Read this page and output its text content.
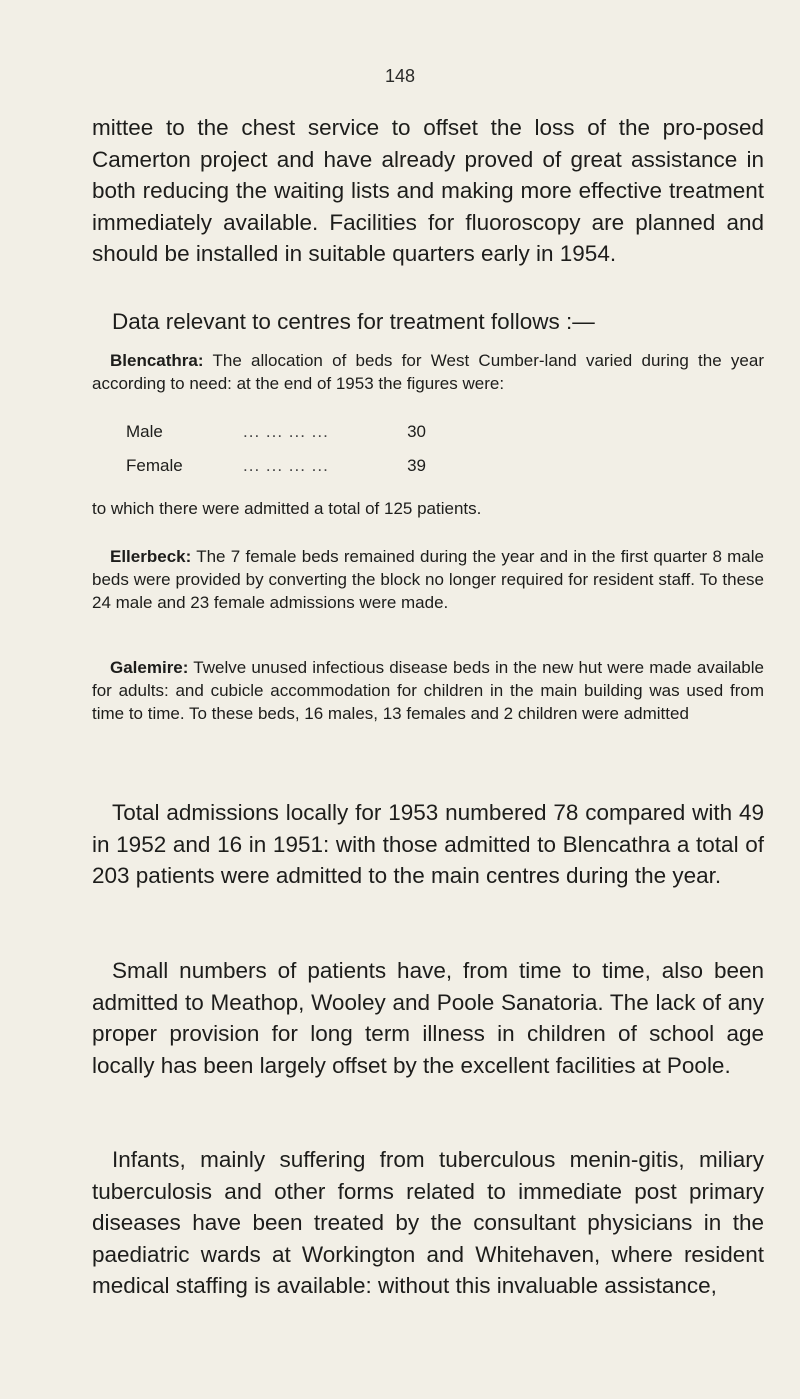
148

mittee to the chest service to offset the loss of the pro-posed Camerton project and have already proved of great assistance in both reducing the waiting lists and making more effective treatment immediately available. Facilities for fluoroscopy are planned and should be installed in suitable quarters early in 1954.

Data relevant to centres for treatment follows :—

Blencathra: The allocation of beds for West Cumber-land varied during the year according to need: at the end of 1953 the figures were:

Male	... ... ... ...	30
Female	... ... ... ...	39

to which there were admitted a total of 125 patients.

Ellerbeck: The 7 female beds remained during the year and in the first quarter 8 male beds were provided by converting the block no longer required for resident staff. To these 24 male and 23 female admissions were made.

Galemire: Twelve unused infectious disease beds in the new hut were made available for adults: and cubicle accommodation for children in the main building was used from time to time. To these beds, 16 males, 13 females and 2 children were admitted

Total admissions locally for 1953 numbered 78 compared with 49 in 1952 and 16 in 1951: with those admitted to Blencathra a total of 203 patients were admitted to the main centres during the year.

Small numbers of patients have, from time to time, also been admitted to Meathop, Wooley and Poole Sanatoria. The lack of any proper provision for long term illness in children of school age locally has been largely offset by the excellent facilities at Poole.

Infants, mainly suffering from tuberculous menin-gitis, miliary tuberculosis and other forms related to immediate post primary diseases have been treated by the consultant physicians in the paediatric wards at Workington and Whitehaven, where resident medical staffing is available: without this invaluable assistance,
